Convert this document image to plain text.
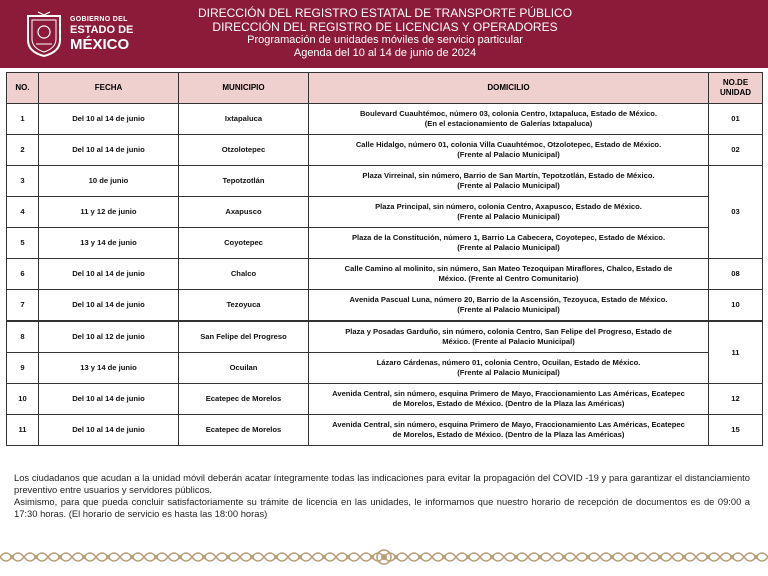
GOBIERNO DEL
ESTADO DE
MÉXICO
DIRECCIÓN DEL REGISTRO ESTATAL DE TRANSPORTE PÚBLICO
DIRECCIÓN DEL REGISTRO DE LICENCIAS Y OPERADORES
Programación de unidades móviles de servicio particular
Agenda del 10 al 14 de junio de 2024
NO.	FECHA	MUNICIPIO	DOMICILIO	NO.DE
UNIDAD
1	Del 10 al 14 de junio	Ixtapaluca	Boulevard Cuauhtémoc, número 03, colonia Centro, Ixtapaluca, Estado de México.
(En el estacionamiento de Galerías Ixtapaluca)	01
2	Del 10 al 14 de junio	Otzolotepec	Calle Hidalgo, número 01, colonia Villa Cuauhtémoc, Otzolotepec, Estado de México.
(Frente al Palacio Municipal)	02
3	10 de junio	Tepotzotlán	Plaza Virreinal, sin número, Barrio de San Martín, Tepotzotlán, Estado de México.
(Frente al Palacio Municipal)	03
4	11 y 12 de junio	Axapusco	Plaza Principal, sin número, colonia Centro, Axapusco, Estado de México.
(Frente al Palacio Municipal)	
5	13 y 14 de junio	Coyotepec	Plaza de la Constitución, número 1, Barrio La Cabecera, Coyotepec, Estado de México.
(Frente al Palacio Municipal)	
6	Del 10 al 14 de junio	Chalco	Calle Camino al molinito, sin número, San Mateo Tezoquipan Miraflores, Chalco, Estado de
México. (Frente al Centro Comunitario)	08
7	Del 10 al 14 de junio	Tezoyuca	Avenida Pascual Luna, número 20, Barrio de la Ascensión, Tezoyuca, Estado de México.
(Frente al Palacio Municipal)	10
8	Del 10 al 12 de junio	San Felipe del Progreso	Plaza y Posadas Garduño, sin número, colonia Centro, San Felipe del Progreso, Estado de
México. (Frente al Palacio Municipal)	11
9	13 y 14 de junio	Ocuilan	Lázaro Cárdenas, número 01, colonia Centro, Ocuilan, Estado de México.
(Frente al Palacio Municipal)	
10	Del 10 al 14 de junio	Ecatepec de Morelos	Avenida Central, sin número, esquina Primero de Mayo, Fraccionamiento Las Américas, Ecatepec
de Morelos, Estado de México. (Dentro de la Plaza las Américas)	12
11	Del 10 al 14 de junio	Ecatepec de Morelos	Avenida Central, sin número, esquina Primero de Mayo, Fraccionamiento Las Américas, Ecatepec
de Morelos, Estado de México. (Dentro de la Plaza las Américas)	15

Los ciudadanos que acudan a la unidad móvil deberán acatar íntegramente todas las indicaciones para evitar la propagación del COVID -19 y para garantizar el distanciamiento preventivo entre usuarios y servidores públicos.

Asimismo, para que pueda concluir satisfactoriamente su trámite de licencia en las unidades, le informamos que nuestro horario de recepción de documentos es de 09:00 a 17:30 horas. (El horario de servicio es hasta las 18:00 horas)
